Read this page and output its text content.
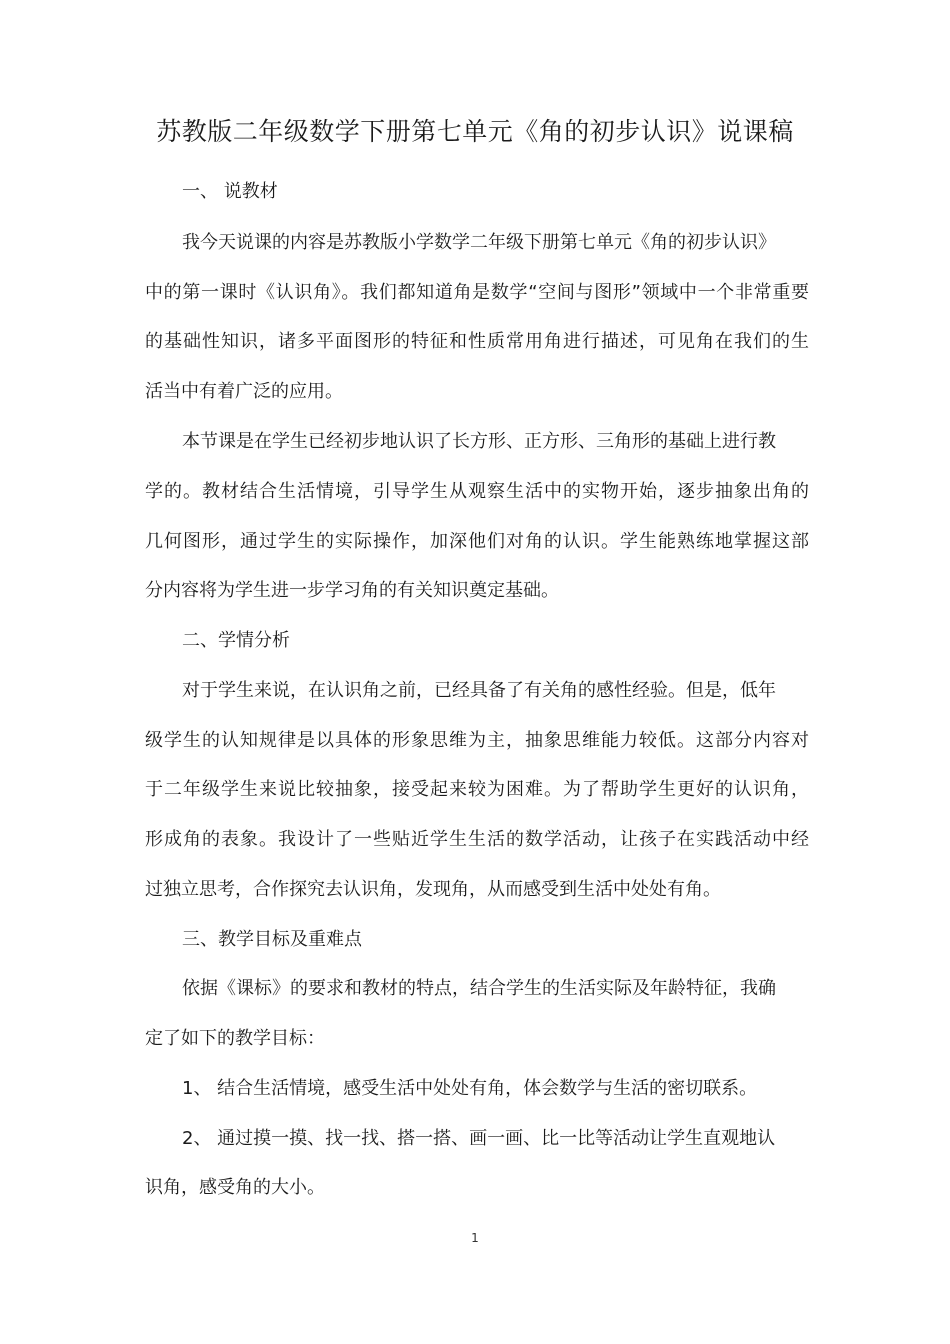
苏教版二年级数学下册第七单元《角的初步认识》说课稿
一、 说教材
我今天说课的内容是苏教版小学数学二年级下册第七单元《角的初步认识》
中的第一课时《认识角》。我们都知道角是数学“空间与图形”领域中一个非常重要
的基础性知识，诸多平面图形的特征和性质常用角进行描述，可见角在我们的生
活当中有着广泛的应用。
本节课是在学生已经初步地认识了长方形、正方形、三角形的基础上进行教
学的。教材结合生活情境，引导学生从观察生活中的实物开始，逐步抽象出角的
几何图形，通过学生的实际操作，加深他们对角的认识。学生能熟练地掌握这部
分内容将为学生进一步学习角的有关知识奠定基础。
二、学情分析
对于学生来说，在认识角之前，已经具备了有关角的感性经验。但是，低年
级学生的认知规律是以具体的形象思维为主，抽象思维能力较低。这部分内容对
于二年级学生来说比较抽象，接受起来较为困难。为了帮助学生更好的认识角，
形成角的表象。我设计了一些贴近学生生活的数学活动，让孩子在实践活动中经
过独立思考，合作探究去认识角，发现角，从而感受到生活中处处有角。
三、教学目标及重难点
依据《课标》的要求和教材的特点，结合学生的生活实际及年龄特征，我确
定了如下的教学目标：
1、 结合生活情境，感受生活中处处有角，体会数学与生活的密切联系。
2、 通过摸一摸、找一找、搭一搭、画一画、比一比等活动让学生直观地认
识角，感受角的大小。
1
